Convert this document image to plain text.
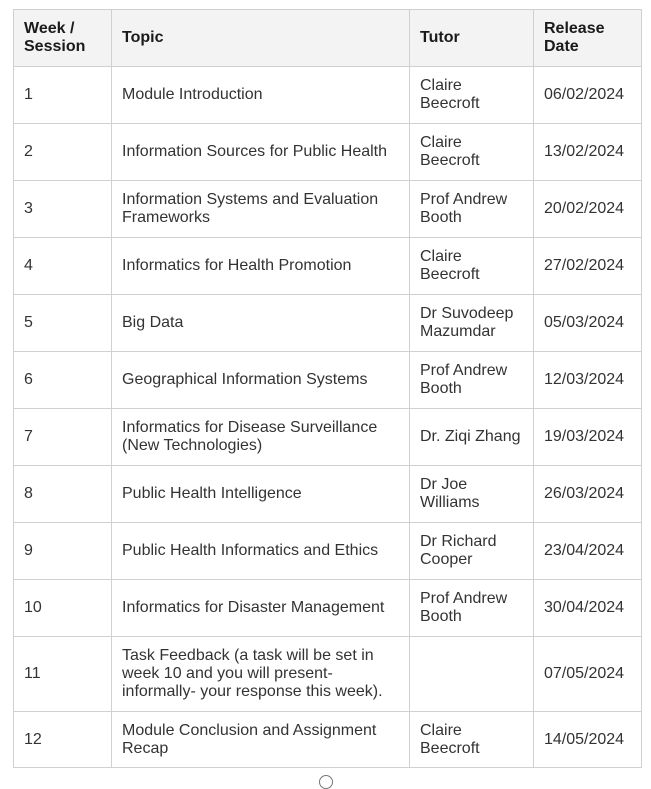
Week / Session	Topic	Tutor	Release Date
1	Module Introduction	Claire Beecroft	06/02/2024
2	Information Sources for Public Health	Claire Beecroft	13/02/2024
3	Information Systems and Evaluation Frameworks	Prof Andrew Booth	20/02/2024
4	Informatics for Health Promotion	Claire Beecroft	27/02/2024
5	Big Data	Dr Suvodeep Mazumdar	05/03/2024
6	Geographical Information Systems	Prof Andrew Booth	12/03/2024
7	Informatics for Disease Surveillance (New Technologies)	Dr. Ziqi Zhang	19/03/2024
8	Public Health Intelligence	Dr Joe Williams	26/03/2024
9	Public Health Informatics and Ethics	Dr Richard Cooper	23/04/2024
10	Informatics for Disaster Management	Prof Andrew Booth	30/04/2024
11	Task Feedback (a task will be set in week 10 and you will present- informally- your response this week).		07/05/2024
12	Module Conclusion and Assignment Recap	Claire Beecroft	14/05/2024
